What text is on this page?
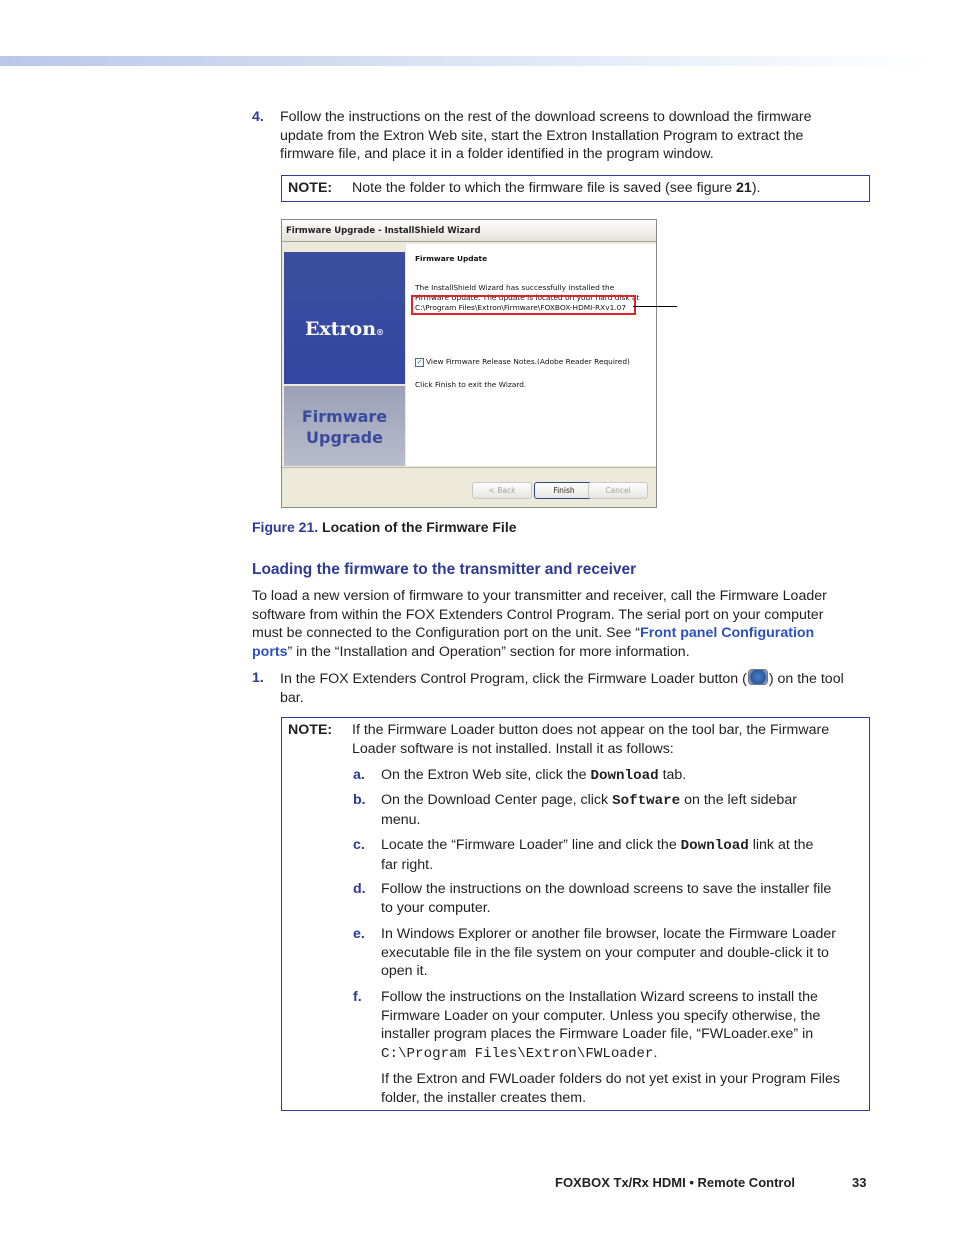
4. Follow the instructions on the rest of the download screens to download the firmware
update from the Extron Web site, start the Extron Installation Program to extract the
firmware file, and place it in a folder identified in the program window.

NOTE: Note the folder to which the firmware file is saved (see figure 21).
Firmware Upgrade - InstallShield Wizard
Extron®
Firmware
Upgrade
Firmware Update
The InstallShield Wizard has successfully installed the
Firmware Update. The update is located on your hard disk at
C:\Program Files\Extron\Firmware\FOXBOX-HDMI-RXv1.07
✓ View Firmware Release Notes.(Adobe Reader Required)
Click Finish to exit the Wizard.
< Back	Finish	Cancel
Figure 21. Location of the Firmware File
Loading the firmware to the transmitter and receiver

To load a new version of firmware to your transmitter and receiver, call the Firmware Loader
software from within the FOX Extenders Control Program. The serial port on your computer
must be connected to the Configuration port on the unit. See “Front panel Configuration
ports” in the “Installation and Operation” section for more information.

1. In the FOX Extenders Control Program, click the Firmware Loader button ( ) on the tool
bar.

NOTE: If the Firmware Loader button does not appear on the tool bar, the Firmware
Loader software is not installed. Install it as follows:

a. On the Extron Web site, click the Download tab.

b. On the Download Center page, click Software on the left sidebar
menu.

c. Locate the “Firmware Loader” line and click the Download link at the
far right.

d. Follow the instructions on the download screens to save the installer file
to your computer.

e. In Windows Explorer or another file browser, locate the Firmware Loader
executable file in the file system on your computer and double-click it to
open it.

f. Follow the instructions on the Installation Wizard screens to install the
Firmware Loader on your computer. Unless you specify otherwise, the
installer program places the Firmware Loader file, “FWLoader.exe” in
C:\Program Files\Extron\FWLoader.

If the Extron and FWLoader folders do not yet exist in your Program Files
folder, the installer creates them.

FOXBOX Tx/Rx HDMI • Remote Control	33
